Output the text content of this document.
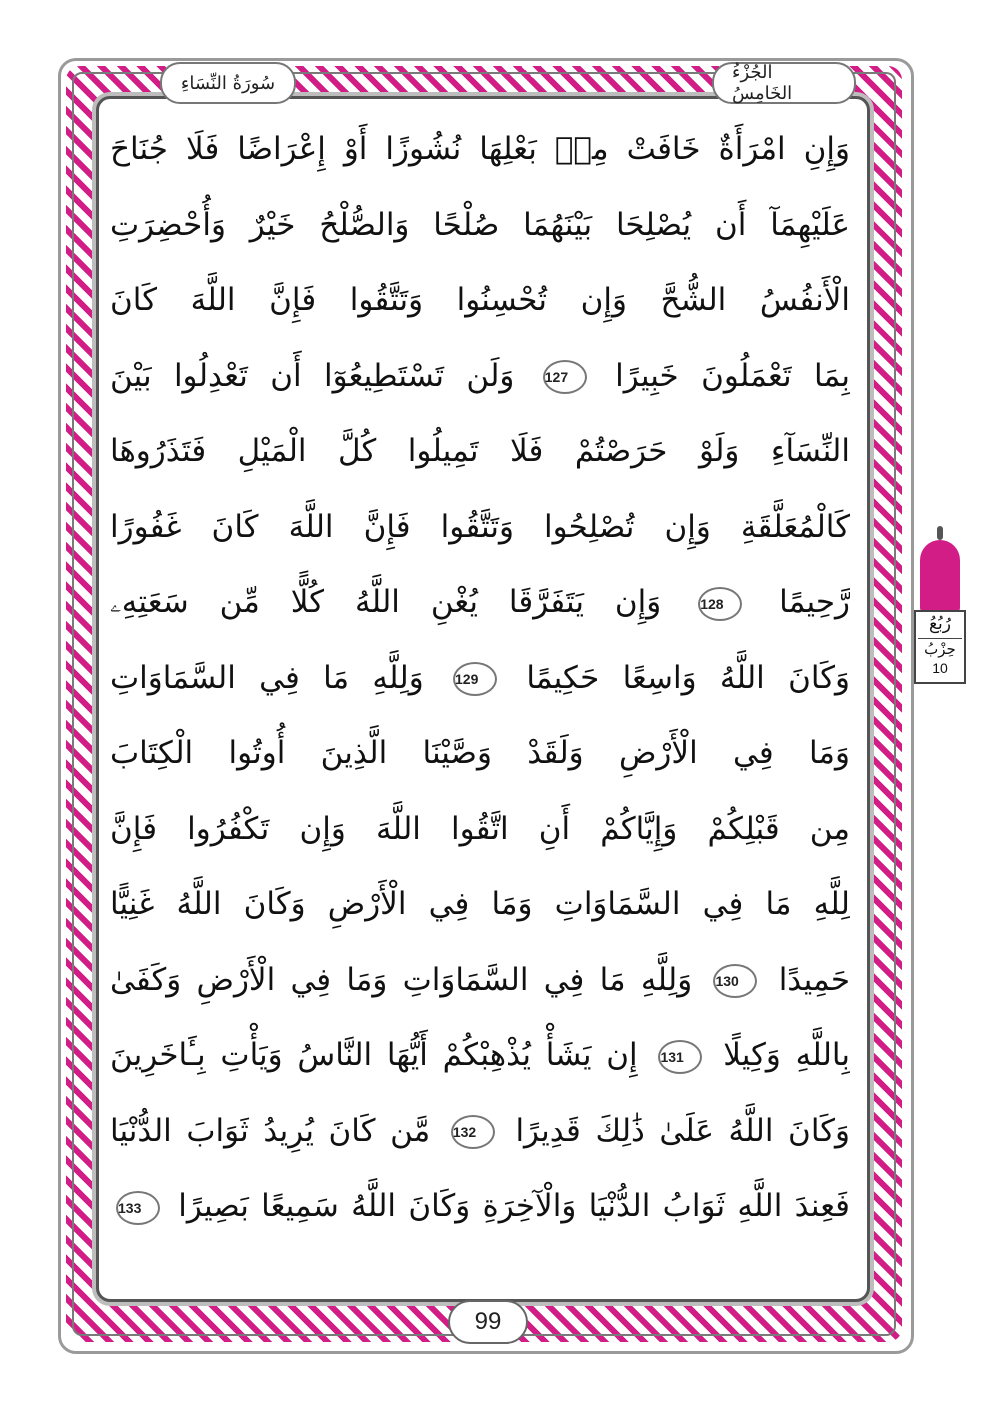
الجُزْءُ الخَامِسُ
سُورَةُ النِّسَاءِ
وَإِنِ امْرَأَةٌ خَافَتْ مِنۢ بَعْلِهَا نُشُوزًا أَوْ إِعْرَاضًا فَلَا جُنَاحَ
عَلَيْهِمَآ أَن يُصْلِحَا بَيْنَهُمَا صُلْحًا وَالصُّلْحُ خَيْرٌ وَأُحْضِرَتِ
الْأَنفُسُ الشُّحَّ وَإِن تُحْسِنُوا وَتَتَّقُوا فَإِنَّ اللَّهَ كَانَ
بِمَا تَعْمَلُونَ خَبِيرًا 127 وَلَن تَسْتَطِيعُوٓا أَن تَعْدِلُوا بَيْنَ
النِّسَآءِ وَلَوْ حَرَصْتُمْ فَلَا تَمِيلُوا كُلَّ الْمَيْلِ فَتَذَرُوهَا
كَالْمُعَلَّقَةِ وَإِن تُصْلِحُوا وَتَتَّقُوا فَإِنَّ اللَّهَ كَانَ غَفُورًا
رَّحِيمًا 128 وَإِن يَتَفَرَّقَا يُغْنِ اللَّهُ كُلًّا مِّن سَعَتِهِۦ
وَكَانَ اللَّهُ وَاسِعًا حَكِيمًا 129 وَلِلَّهِ مَا فِي السَّمَاوَاتِ
وَمَا فِي الْأَرْضِ وَلَقَدْ وَصَّيْنَا الَّذِينَ أُوتُوا الْكِتَابَ
مِن قَبْلِكُمْ وَإِيَّاكُمْ أَنِ اتَّقُوا اللَّهَ وَإِن تَكْفُرُوا فَإِنَّ
لِلَّهِ مَا فِي السَّمَاوَاتِ وَمَا فِي الْأَرْضِ وَكَانَ اللَّهُ غَنِيًّا
حَمِيدًا 130 وَلِلَّهِ مَا فِي السَّمَاوَاتِ وَمَا فِي الْأَرْضِ وَكَفَىٰ
بِاللَّهِ وَكِيلًا 131 إِن يَشَأْ يُذْهِبْكُمْ أَيُّهَا النَّاسُ وَيَأْتِ بِـَٔاخَرِينَ
وَكَانَ اللَّهُ عَلَىٰ ذَٰلِكَ قَدِيرًا 132 مَّن كَانَ يُرِيدُ ثَوَابَ الدُّنْيَا
فَعِندَ اللَّهِ ثَوَابُ الدُّنْيَا وَالْآخِرَةِ وَكَانَ اللَّهُ سَمِيعًا بَصِيرًا 133
رُبُعُ
حِزْبُ
10
99
